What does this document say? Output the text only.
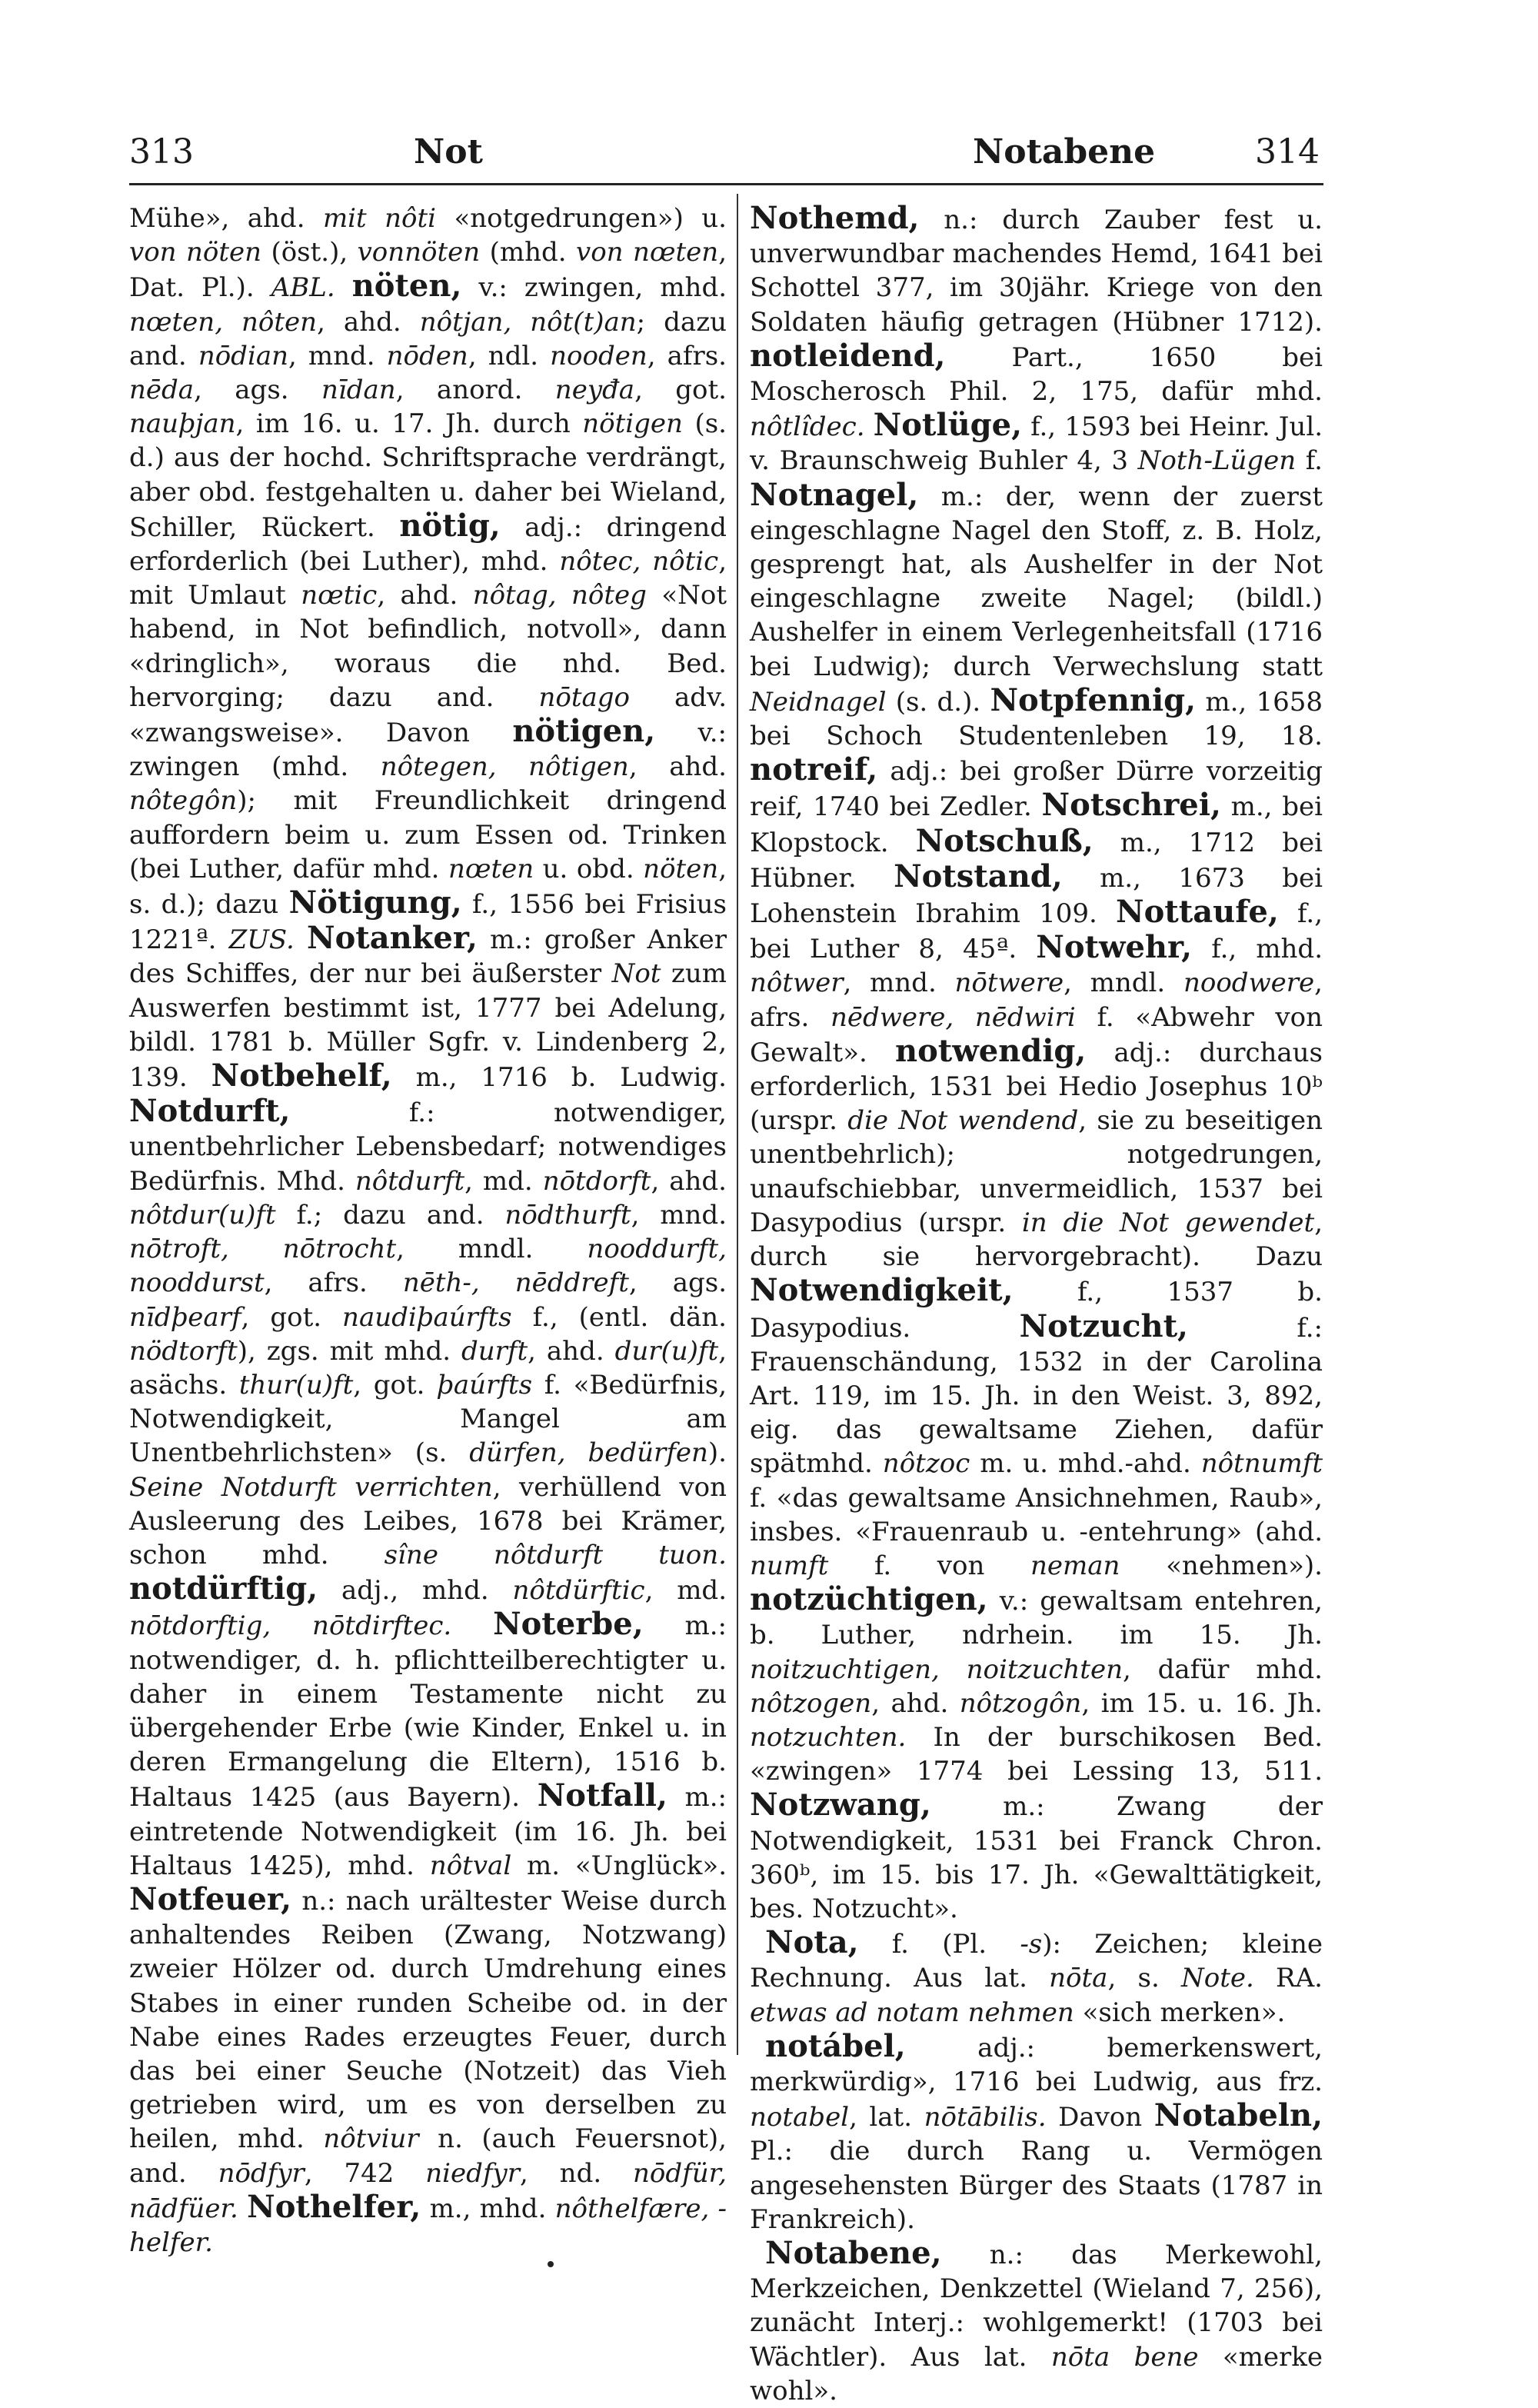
313	Not	Notabene	314

Mühe», ahd. mit nôti «notgedrungen») u. von nöten (öst.), vonnöten (mhd. von nœten, Dat. Pl.). ABL. nöten, v.: zwingen, mhd. nœten, nôten, ahd. nôtjan, nôt(t)an; dazu and. nōdian, mnd. nōden, ndl. nooden, afrs. nēda, ags. nīdan, anord. neyđa, got. nauþjan, im 16. u. 17. Jh. durch nötigen (s. d.) aus der hochd. Schriftsprache verdrängt, aber obd. festgehalten u. daher bei Wieland, Schiller, Rückert. nötig, adj.: dringend erforderlich (bei Luther), mhd. nôtec, nôtic, mit Umlaut nœtic, ahd. nôtag, nôteg «Not habend, in Not befindlich, notvoll», dann «dringlich», woraus die nhd. Bed. hervorging; dazu and. nōtago adv. «zwangsweise». Davon nötigen, v.: zwingen (mhd. nôtegen, nôtigen, ahd. nôtegôn); mit Freundlichkeit dringend auffordern beim u. zum Essen od. Trinken (bei Luther, dafür mhd. nœten u. obd. nöten, s. d.); dazu Nötigung, f., 1556 bei Frisius 1221ª. ZUS. Notanker, m.: großer Anker des Schiffes, der nur bei äußerster Not zum Auswerfen bestimmt ist, 1777 bei Adelung, bildl. 1781 b. Müller Sgfr. v. Lindenberg 2, 139. Notbehelf, m., 1716 b. Ludwig. Notdurft, f.: notwendiger, unentbehrlicher Lebensbedarf; notwendiges Bedürfnis. Mhd. nôtdurft, md. nōtdorft, ahd. nôtdur(u)ft f.; dazu and. nōdthurft, mnd. nōtroft, nōtrocht, mndl. nooddurft, nooddurst, afrs. nēth-, nēddreft, ags. nīdþearf, got. naudiþaúrfts f., (entl. dän. nödtorft), zgs. mit mhd. durft, ahd. dur(u)ft, asächs. thur(u)ft, got. þaúrfts f. «Bedürfnis, Notwendigkeit, Mangel am Unentbehrlichsten» (s. dürfen, bedürfen). Seine Notdurft verrichten, verhüllend von Ausleerung des Leibes, 1678 bei Krämer, schon mhd. sîne nôtdurft tuon. notdürftig, adj., mhd. nôtdürftic, md. nōtdorftig, nōtdirftec. Noterbe, m.: notwendiger, d. h. pflichtteilberechtigter u. daher in einem Testamente nicht zu übergehender Erbe (wie Kinder, Enkel u. in deren Ermangelung die Eltern), 1516 b. Haltaus 1425 (aus Bayern). Notfall, m.: eintretende Notwendigkeit (im 16. Jh. bei Haltaus 1425), mhd. nôtval m. «Unglück». Notfeuer, n.: nach urältester Weise durch anhaltendes Reiben (Zwang, Notzwang) zweier Hölzer od. durch Umdrehung eines Stabes in einer runden Scheibe od. in der Nabe eines Rades erzeugtes Feuer, durch das bei einer Seuche (Notzeit) das Vieh getrieben wird, um es von derselben zu heilen, mhd. nôtviur n. (auch Feuersnot), and. nōdfyr, 742 niedfyr, nd. nōdfür, nādfüer. Nothelfer, m., mhd. nôthelfære, -helfer.

Nothemd, n.: durch Zauber fest u. unverwundbar machendes Hemd, 1641 bei Schottel 377, im 30jähr. Kriege von den Soldaten häufig getragen (Hübner 1712). notleidend, Part., 1650 bei Moscherosch Phil. 2, 175, dafür mhd. nôtlîdec. Notlüge, f., 1593 bei Heinr. Jul. v. Braunschweig Buhler 4, 3 Noth-Lügen f. Notnagel, m.: der, wenn der zuerst eingeschlagne Nagel den Stoff, z. B. Holz, gesprengt hat, als Aushelfer in der Not eingeschlagne zweite Nagel; (bildl.) Aushelfer in einem Verlegenheitsfall (1716 bei Ludwig); durch Verwechslung statt Neidnagel (s. d.). Notpfennig, m., 1658 bei Schoch Studentenleben 19, 18. notreif, adj.: bei großer Dürre vorzeitig reif, 1740 bei Zedler. Notschrei, m., bei Klopstock. Notschuß, m., 1712 bei Hübner. Notstand, m., 1673 bei Lohenstein Ibrahim 109. Nottaufe, f., bei Luther 8, 45ª. Notwehr, f., mhd. nôtwer, mnd. nōtwere, mndl. noodwere, afrs. nēdwere, nēdwiri f. «Abwehr von Gewalt». notwendig, adj.: durchaus erforderlich, 1531 bei Hedio Josephus 10ᵇ (urspr. die Not wendend, sie zu beseitigen unentbehrlich); notgedrungen, unaufschiebbar, unvermeidlich, 1537 bei Dasypodius (urspr. in die Not gewendet, durch sie hervorgebracht). Dazu Notwendigkeit, f., 1537 b. Dasypodius. Notzucht, f.: Frauenschändung, 1532 in der Carolina Art. 119, im 15. Jh. in den Weist. 3, 892, eig. das gewaltsame Ziehen, dafür spätmhd. nôtzoc m. u. mhd.-ahd. nôtnumft f. «das gewaltsame Ansichnehmen, Raub», insbes. «Frauenraub u. -entehrung» (ahd. numft f. von neman «nehmen»). notzüchtigen, v.: gewaltsam entehren, b. Luther, ndrhein. im 15. Jh. noitzuchtigen, noitzuchten, dafür mhd. nôtzogen, ahd. nôtzogôn, im 15. u. 16. Jh. notzuchten. In der burschikosen Bed. «zwingen» 1774 bei Lessing 13, 511. Notzwang, m.: Zwang der Notwendigkeit, 1531 bei Franck Chron. 360ᵇ, im 15. bis 17. Jh. «Gewalttätigkeit, bes. Notzucht».

Nota, f. (Pl. -s): Zeichen; kleine Rechnung. Aus lat. nōta, s. Note. RA. etwas ad notam nehmen «sich merken».

notábel, adj.: bemerkenswert, merkwürdig», 1716 bei Ludwig, aus frz. notabel, lat. nōtābilis. Davon Notabeln, Pl.: die durch Rang u. Vermögen angesehensten Bürger des Staats (1787 in Frankreich).

Notabene, n.: das Merkewohl, Merkzeichen, Denkzettel (Wieland 7, 256), zunächt Interj.: wohlgemerkt! (1703 bei Wächtler). Aus lat. nōta bene «merke wohl».
